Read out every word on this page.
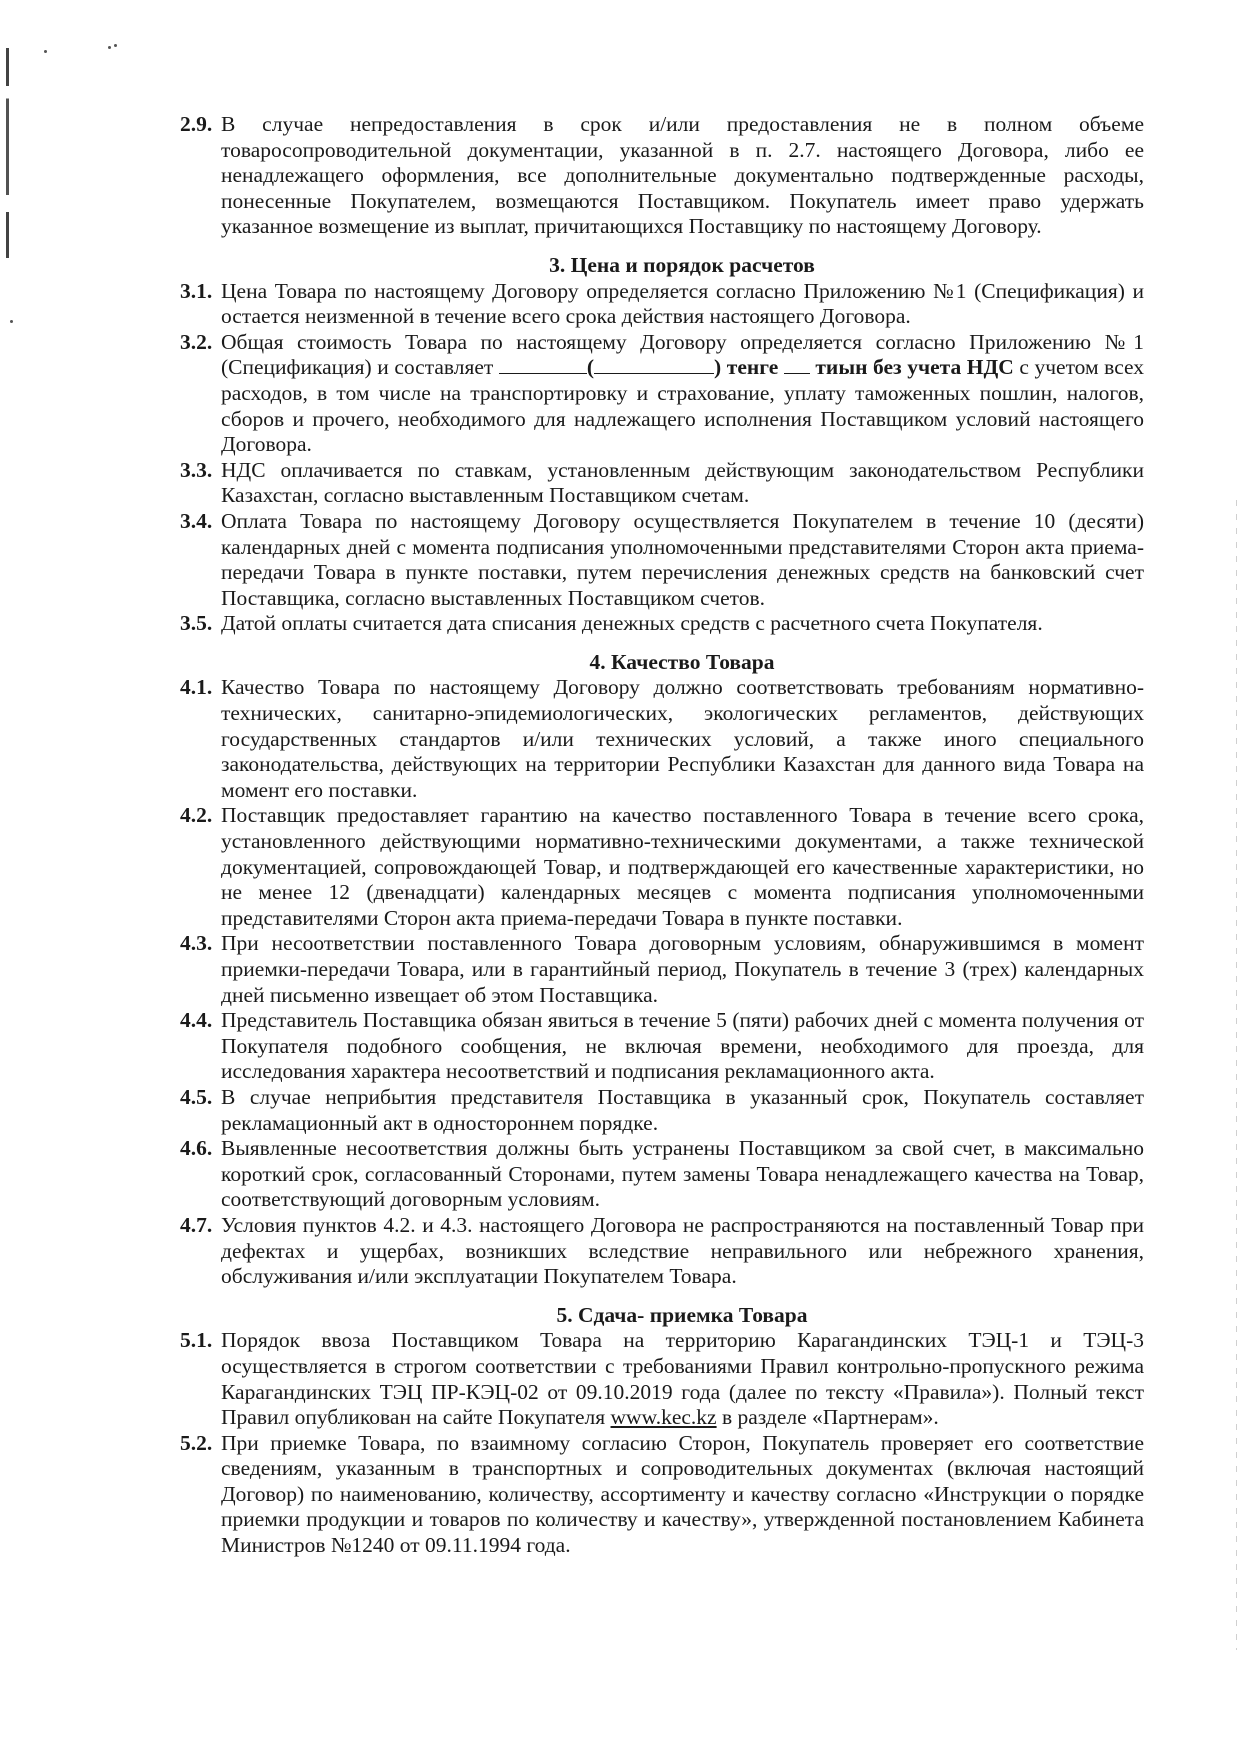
2.9. В случае непредоставления в срок и/или предоставления не в полном объеме товаросопроводительной документации, указанной в п. 2.7. настоящего Договора, либо ее ненадлежащего оформления, все дополнительные документально подтвержденные расходы, понесенные Покупателем, возмещаются Поставщиком. Покупатель имеет право удержать указанное возмещение из выплат, причитающихся Поставщику по настоящему Договору.

3. Цена и порядок расчетов

3.1. Цена Товара по настоящему Договору определяется согласно Приложению №1 (Спецификация) и остается неизменной в течение всего срока действия настоящего Договора.
3.2. Общая стоимость Товара по настоящему Договору определяется согласно Приложению №1 (Спецификация) и составляет	(	) тенге тиын без учета НДС с учетом всех расходов, в том числе на транспортировку и страхование, уплату таможенных пошлин, налогов, сборов и прочего, необходимого для надлежащего исполнения Поставщиком условий настоящего Договора.
3.3. НДС оплачивается по ставкам, установленным действующим законодательством Республики Казахстан, согласно выставленным Поставщиком счетам.
3.4. Оплата Товара по настоящему Договору осуществляется Покупателем в течение 10 (десяти) календарных дней с момента подписания уполномоченными представителями Сторон акта приема-передачи Товара в пункте поставки, путем перечисления денежных средств на банковский счет Поставщика, согласно выставленных Поставщиком счетов.
3.5. Датой оплаты считается дата списания денежных средств с расчетного счета Покупателя.

4. Качество Товара

4.1. Качество Товара по настоящему Договору должно соответствовать требованиям нормативно-технических, санитарно-эпидемиологических, экологических регламентов, действующих государственных стандартов и/или технических условий, а также иного специального законодательства, действующих на территории Республики Казахстан для данного вида Товара на момент его поставки.
4.2. Поставщик предоставляет гарантию на качество поставленного Товара в течение всего срока, установленного действующими нормативно-техническими документами, а также технической документацией, сопровождающей Товар, и подтверждающей его качественные характеристики, но не менее 12 (двенадцати) календарных месяцев с момента подписания уполномоченными представителями Сторон акта приема-передачи Товара в пункте поставки.
4.3. При несоответствии поставленного Товара договорным условиям, обнаружившимся в момент приемки-передачи Товара, или в гарантийный период, Покупатель в течение 3 (трех) календарных дней письменно извещает об этом Поставщика.
4.4. Представитель Поставщика обязан явиться в течение 5 (пяти) рабочих дней с момента получения от Покупателя подобного сообщения, не включая времени, необходимого для проезда, для исследования характера несоответствий и подписания рекламационного акта.
4.5. В случае неприбытия представителя Поставщика в указанный срок, Покупатель составляет рекламационный акт в одностороннем порядке.
4.6. Выявленные несоответствия должны быть устранены Поставщиком за свой счет, в максимально короткий срок, согласованный Сторонами, путем замены Товара ненадлежащего качества на Товар, соответствующий договорным условиям.
4.7. Условия пунктов 4.2. и 4.3. настоящего Договора не распространяются на поставленный Товар при дефектах и ущербах, возникших вследствие неправильного или небрежного хранения, обслуживания и/или эксплуатации Покупателем Товара.

5. Сдача- приемка Товара

5.1. Порядок ввоза Поставщиком Товара на территорию Карагандинских ТЭЦ-1 и ТЭЦ-3 осуществляется в строгом соответствии с требованиями Правил контрольно-пропускного режима Карагандинских ТЭЦ ПР-КЭЦ-02 от 09.10.2019 года (далее по тексту «Правила»). Полный текст Правил опубликован на сайте Покупателя www.kec.kz в разделе «Партнерам».
5.2. При приемке Товара, по взаимному согласию Сторон, Покупатель проверяет его соответствие сведениям, указанным в транспортных и сопроводительных документах (включая настоящий Договор) по наименованию, количеству, ассортименту и качеству согласно «Инструкции о порядке приемки продукции и товаров по количеству и качеству», утвержденной постановлением Кабинета Министров №1240 от 09.11.1994 года.
